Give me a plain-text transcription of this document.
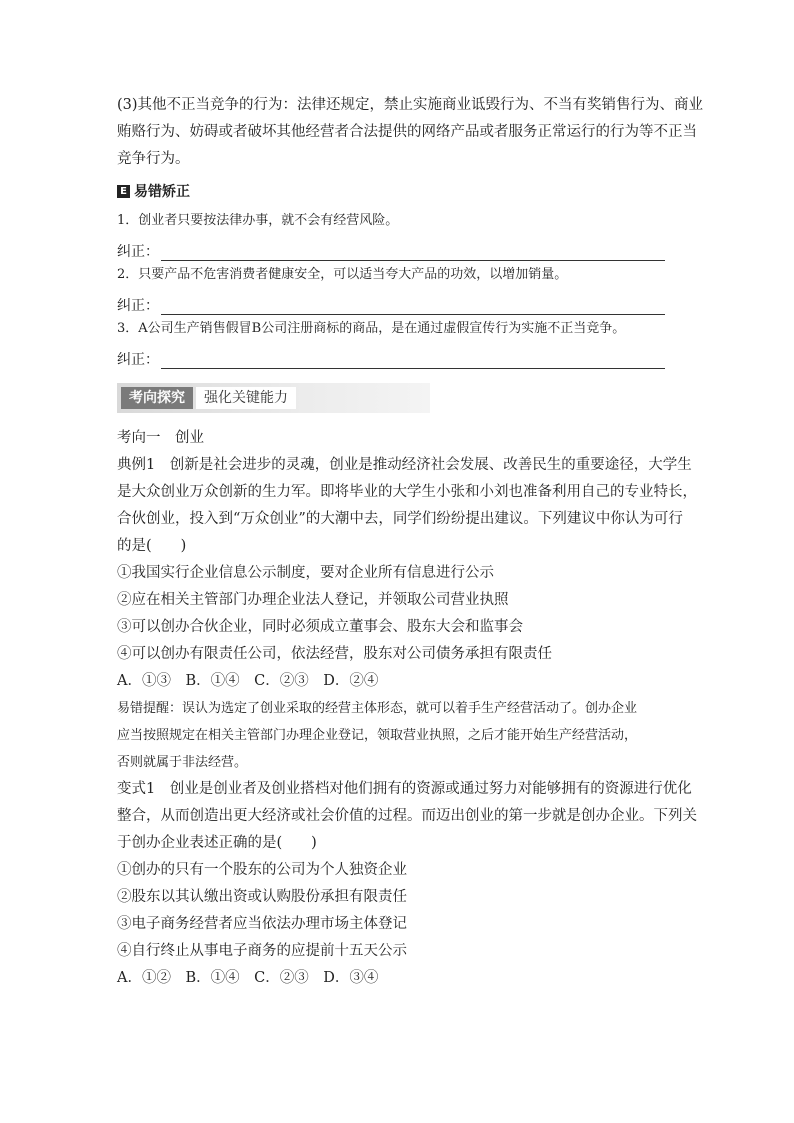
(3)其他不正当竞争的行为：法律还规定，禁止实施商业诋毁行为、不当有奖销售行为、商业
贿赂行为、妨碍或者破坏其他经营者合法提供的网络产品或者服务正常运行的行为等不正当
竞争行为。
E 易错矫正
1．创业者只要按法律办事，就不会有经营风险。
纠正：
2．只要产品不危害消费者健康安全，可以适当夸大产品的功效，以增加销量。
纠正：
3．A公司生产销售假冒B公司注册商标的商品，是在通过虚假宣传行为实施不正当竞争。
纠正：
考向探究	强化关键能力
考向一　创业
典例1　创新是社会进步的灵魂，创业是推动经济社会发展、改善民生的重要途径，大学生
是大众创业万众创新的生力军。即将毕业的大学生小张和小刘也准备利用自己的专业特长，
合伙创业，投入到“万众创业”的大潮中去，同学们纷纷提出建议。下列建议中你认为可行
的是(　　)
①我国实行企业信息公示制度，要对企业所有信息进行公示
②应在相关主管部门办理企业法人登记，并领取公司营业执照
③可以创办合伙企业，同时必须成立董事会、股东大会和监事会
④可以创办有限责任公司，依法经营，股东对公司债务承担有限责任
A．①③　B．①④　C．②③　D．②④
易错提醒：误认为选定了创业采取的经营主体形态，就可以着手生产经营活动了。创办企业
应当按照规定在相关主管部门办理企业登记，领取营业执照，之后才能开始生产经营活动，
否则就属于非法经营。
变式1　创业是创业者及创业搭档对他们拥有的资源或通过努力对能够拥有的资源进行优化
整合，从而创造出更大经济或社会价值的过程。而迈出创业的第一步就是创办企业。下列关
于创办企业表述正确的是(　　)
①创办的只有一个股东的公司为个人独资企业
②股东以其认缴出资或认购股份承担有限责任
③电子商务经营者应当依法办理市场主体登记
④自行终止从事电子商务的应提前十五天公示
A．①②　B．①④　C．②③　D．③④
